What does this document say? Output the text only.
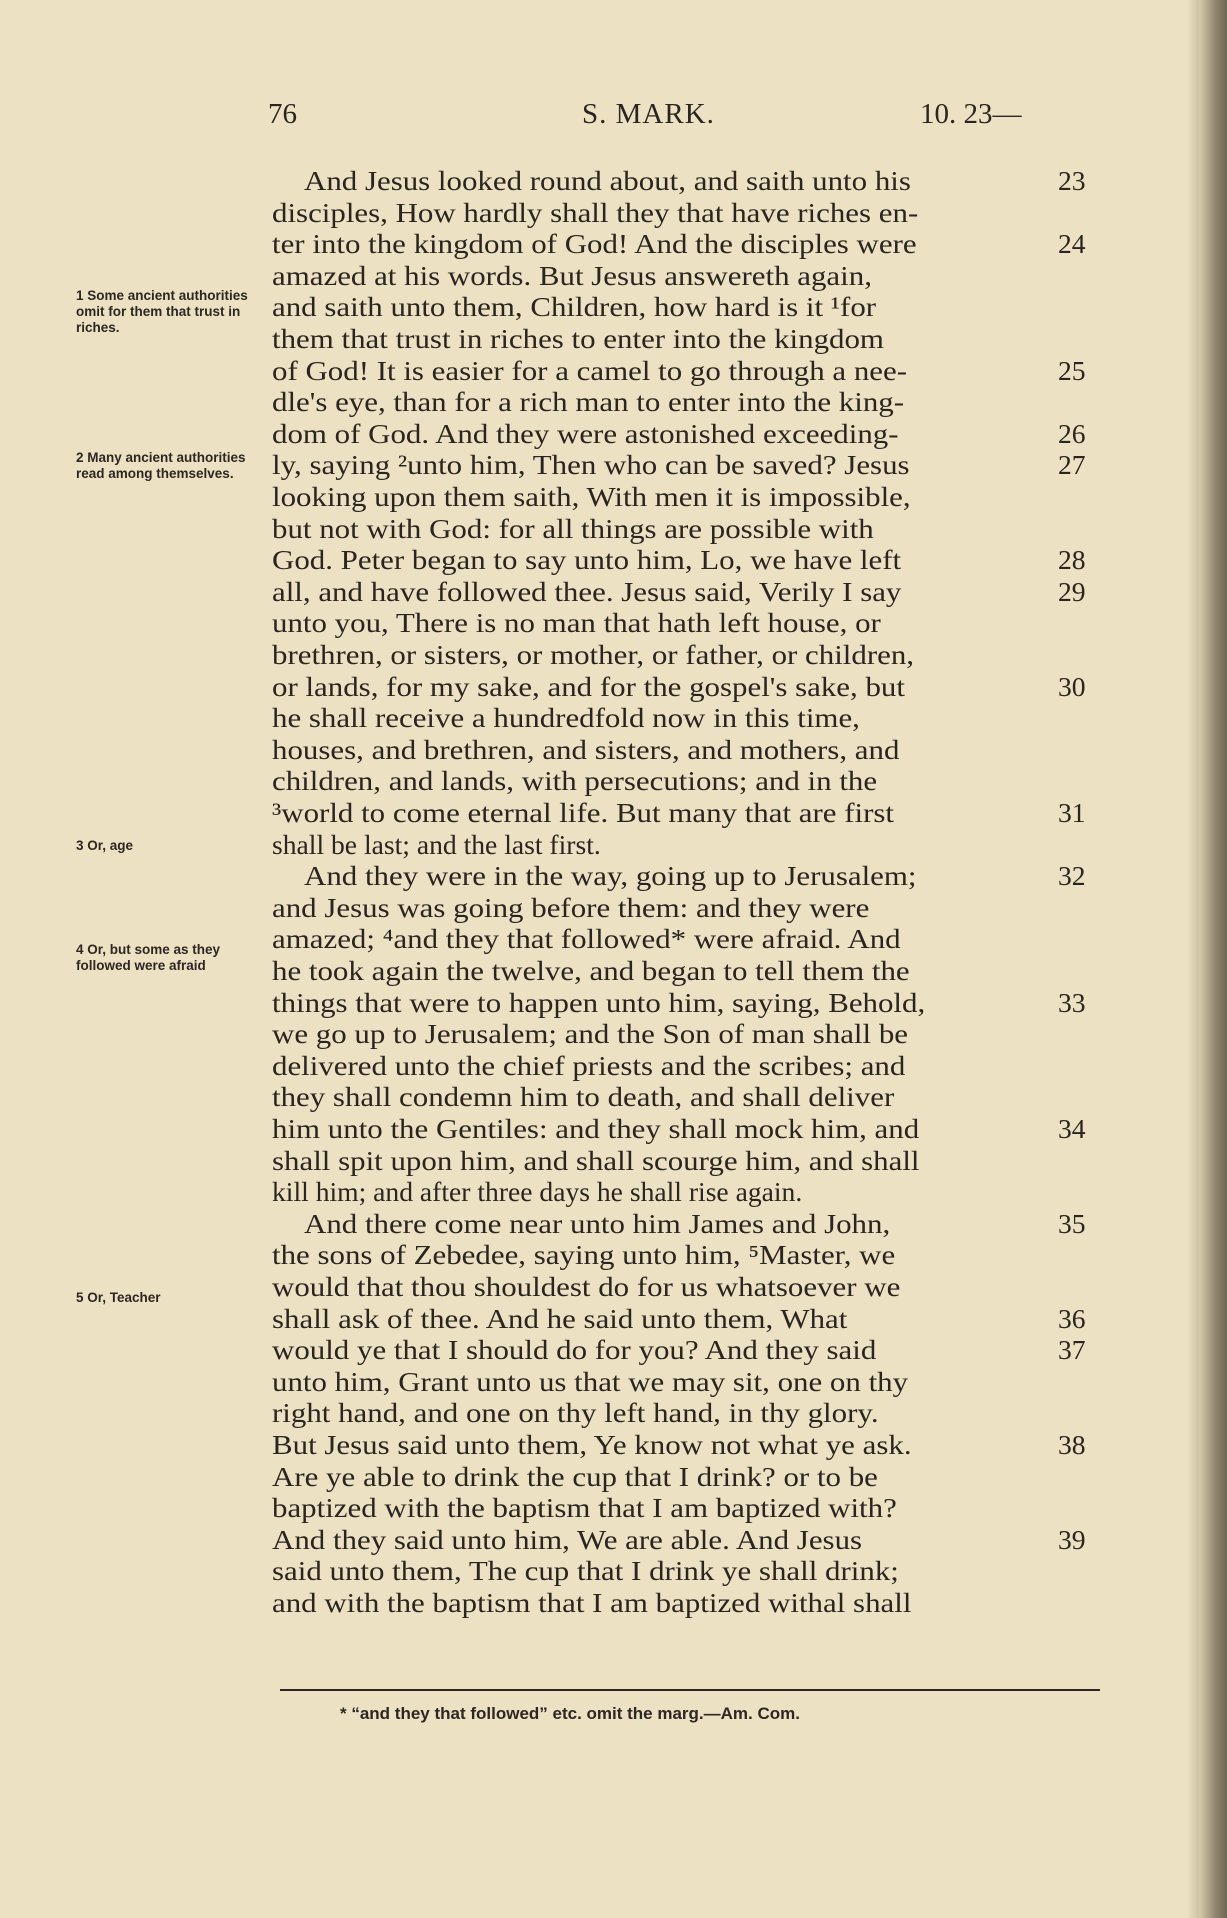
76	S. MARK.	10. 23—
And Jesus looked round about, and saith unto his	23
disciples, How hardly shall they that have riches en-
ter into the kingdom of God! And the disciples were	24
amazed at his words. But Jesus answereth again,
and saith unto them, Children, how hard is it ¹for
them that trust in riches to enter into the kingdom
of God! It is easier for a camel to go through a nee-	25
dle's eye, than for a rich man to enter into the king-
dom of God. And they were astonished exceeding-	26
ly, saying ²unto him, Then who can be saved? Jesus	27
looking upon them saith, With men it is impossible,
but not with God: for all things are possible with
God. Peter began to say unto him, Lo, we have left	28
all, and have followed thee. Jesus said, Verily I say	29
unto you, There is no man that hath left house, or
brethren, or sisters, or mother, or father, or children,
or lands, for my sake, and for the gospel's sake, but	30
he shall receive a hundredfold now in this time,
houses, and brethren, and sisters, and mothers, and
children, and lands, with persecutions; and in the
³world to come eternal life. But many that are first	31
shall be last; and the last first.
And they were in the way, going up to Jerusalem;	32
and Jesus was going before them: and they were
amazed; ⁴and they that followed* were afraid. And
he took again the twelve, and began to tell them the
things that were to happen unto him, saying, Behold,	33
we go up to Jerusalem; and the Son of man shall be
delivered unto the chief priests and the scribes; and
they shall condemn him to death, and shall deliver
him unto the Gentiles: and they shall mock him, and	34
shall spit upon him, and shall scourge him, and shall
kill him; and after three days he shall rise again.
And there come near unto him James and John,	35
the sons of Zebedee, saying unto him, ⁵Master, we
would that thou shouldest do for us whatsoever we
shall ask of thee. And he said unto them, What	36
would ye that I should do for you? And they said	37
unto him, Grant unto us that we may sit, one on thy
right hand, and one on thy left hand, in thy glory.
But Jesus said unto them, Ye know not what ye ask.	38
Are ye able to drink the cup that I drink? or to be
baptized with the baptism that I am baptized with?
And they said unto him, We are able. And Jesus	39
said unto them, The cup that I drink ye shall drink;
and with the baptism that I am baptized withal shall
1 Some ancient authorities omit for them that trust in riches.
2 Many ancient authorities read among themselves.
3 Or, age
4 Or, but some as they followed were afraid
5 Or, Teacher
* “and they that followed” etc. omit the marg.—Am. Com.
